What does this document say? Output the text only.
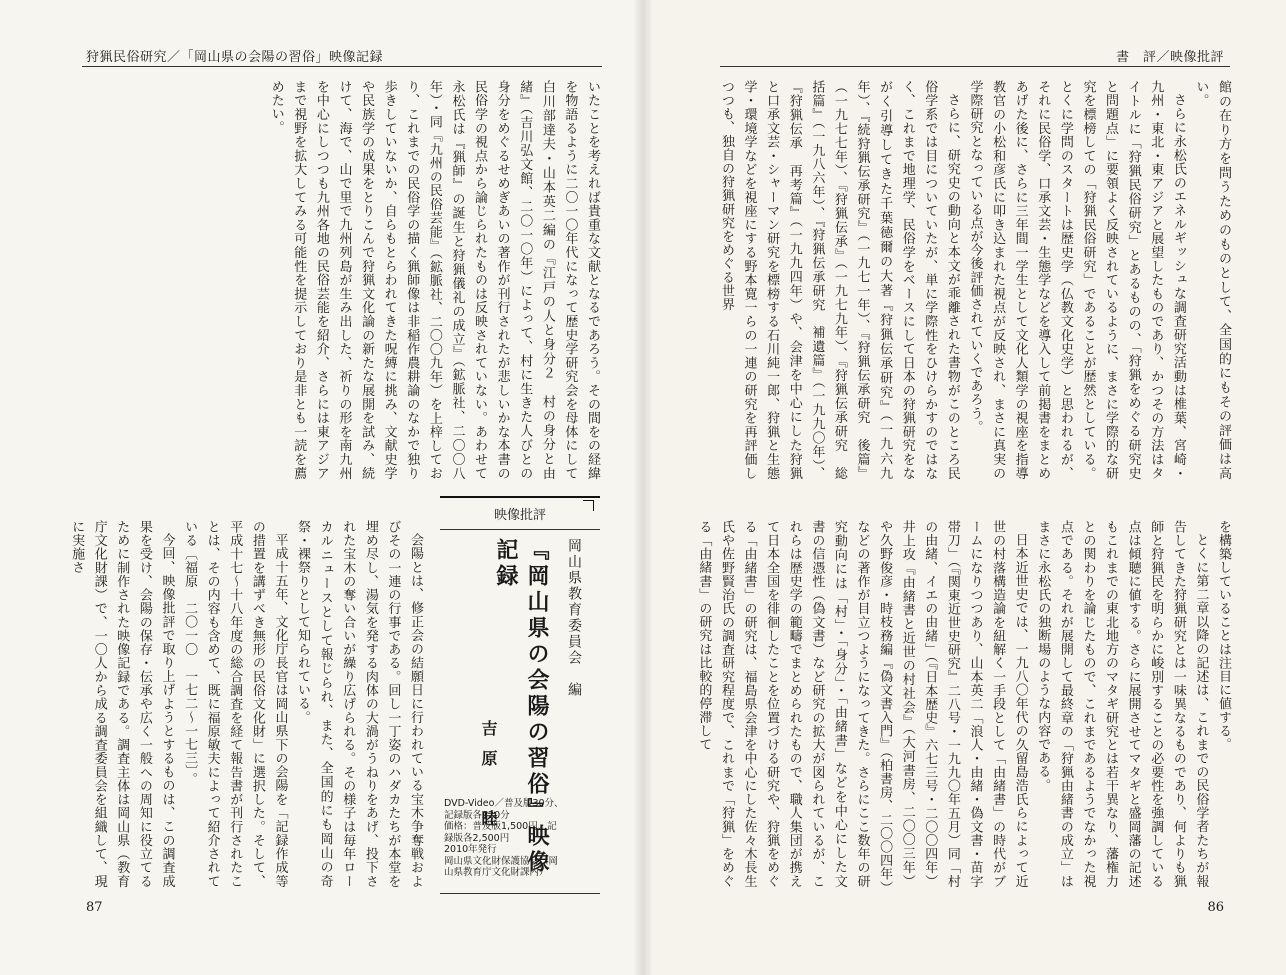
狩猟民俗研究／「岡山県の会陽の習俗」映像記録

いたことを考えれば貴重な文献となるであろう。その間をの経緯を物語るように二〇一〇年代になって歴史学研究会を母体にして白川部達夫・山本英二編の『江戸の人と身分２　村の身分と由緒』（吉川弘文館、二〇一〇年）によって、村に生きた人びとの身分をめぐるせめぎあいの著作が刊行されたが悲しいかな本書の民俗学の視点から論じられたものは反映されていない。あわせて永松氏は『猟師』の誕生と狩猟儀礼の成立』（鉱脈社、二〇〇八年）・同『九州の民俗芸能』（鉱脈社、二〇〇九年）を上梓しており、これまでの民俗学の描く猟師像は非稲作農耕論のなかで独り歩きしていないか、自らもとらわれてきた呪縛に挑み、文献史学や民族学の成果をとりこんで狩猟文化論の新たな展開を試み、続けて、海で、山で里で九州列島が生み出した、祈りの形を南九州を中心にしつつも九州各地の民俗芸能を紹介、さらには東アジアまで視野を拡大してみる可能性を提示しており是非とも一読を薦めたい。

映像批評
岡山県教育委員会　編
『岡山県の会陽の習俗』映像記録
吉原　睦
DVD-Video／普及版30分、
記録版各120分
価格：普及版1,500円、記
録版各2,500円
2010年発行
岡山県文化財保護協会（岡
山県教育庁文化財課内）

会陽とは、修正会の結願日に行われている宝木争奪戦およびその一連の行事である。回し一丁姿のハダカたちが本堂を埋め尽し、湯気を発する肉体の大渦がうねりをあげ、投下された宝木の奪い合いが繰り広げられる。その様子は毎年ローカルニュースとして報じられ、また、全国的にも岡山の奇祭・裸祭りとして知られている。

平成十五年、文化庁長官は岡山県下の会陽を「記録作成等の措置を講ずべき無形の民俗文化財」に選択した。そして、平成十七〜十八年度の総合調査を経て報告書が刊行されたことは、その内容も含めて、既に福原敏夫によって紹介されている〔福原　二〇一〇　一七二〜一七三〕。

今回、映像批評で取り上げようとするものは、この調査成果を受け、会陽の保存・伝承や広く一般への周知に役立てるために制作された映像記録である。調査主体は岡山県（教育庁文化財課）で、一〇人から成る調査委員会を組織して、現に実施さ

87
書　評／映像批評
86

館の在り方を問うためのものとして、全国的にもその評価は高い。

さらに永松氏のエネルギッシュな調査研究活動は椎葉、宮崎・九州・東北・東アジアと展望したものであり、かつその方法はタイトルに「狩猟民俗研究」とあるものの、「狩猟をめぐる研究史と問題点」に要領よく反映されているように、まさに学際的な研究を標榜しての「狩猟民俗研究」であることが歴然としている。とくに学問のスタートは歴史学（仏教文化史学）と思われるが、それに民俗学、口承文芸・生態学などを導入して前掲書をまとめあげた後に、さらに三年間一学生として文化人類学の視座を指導教官の小松和彦氏に叩き込まれた視点が反映され、まさに真実の学際研究となっている点が今後評価されていくであろう。

さらに、研究史の動向と本文が乖離された書物がこのところ民俗学系では目についていたが、単に学際性をひけらかすのではなく、これまで地理学、民俗学をベースにして日本の狩猟研究をながく引導してきた千葉徳爾の大著『狩猟伝承研究』（一九六九年）、『続狩猟伝承研究』（一九七一年）、『狩猟伝承研究　後篇』（一九七七年）、『狩猟伝承』（一九七九年）、『狩猟伝承研究　総括篇』（一九八六年）、『狩猟伝承研究　補遺篇』（一九九〇年）、『狩猟伝承　再考篇』（一九九四年）や、会津を中心にした狩猟と口承文芸・シャーマン研究を標榜する石川純一郎、狩猟と生態学・環境学などを視座にする野本寛一らの一連の研究を再評価しつつも、独自の狩猟研究をめぐる世界

を構築していることは注目に値する。

とくに第二章以降の記述は、これまでの民俗学者たちが報告してきた狩猟研究とは一味異なるものであり、何よりも猟師と狩猟民を明らかに峻別することの必要性を強調している点は傾聴に値する。さらに展開させてマタギと盛岡藩の記述もこれまでの東北地方のマタギ研究とは若干異なり、藩権力との関わりを論じたもので、これまであるようでなかった視点である。それが展開して最終章の「狩猟由緒書の成立」はまさに永松氏の独断場のような内容である。

日本近世史では、一九八〇年代の久留島浩氏らによって近世の村落構造論を紐解く一手段として「由緒書」の時代がブームになりつつあり、山本英二「浪人・由緒・偽文書・苗字帯刀」（『関東近世史研究』二八号・一九九〇年五月）同「村の由緒、イエの由緒」（『日本歴史』六七三号・二〇〇四年）井上攻『由緒書と近世の村社会』（大河書房、二〇〇三年）や久野俊彦・時枝務編『偽文書入門』（柏書房、二〇〇四年）などの著作が目立つようになってきた。さらにここ数年の研究動向には「村」・「身分」・「由緒書」などを中心にした文書の信憑性（偽文書）など研究の拡大が図られているが、これらは歴史学の範疇でまとめられたもので、職人集団が携えて日本全国を徘徊したことを位置づける研究や、狩猟をめぐる「由緒書」の研究は、福島県会津を中心にした佐々木長生氏や佐野賢治氏の調査研究程度で、これまで「狩猟」をめぐる「由緒書」の研究は比較的停滞して
